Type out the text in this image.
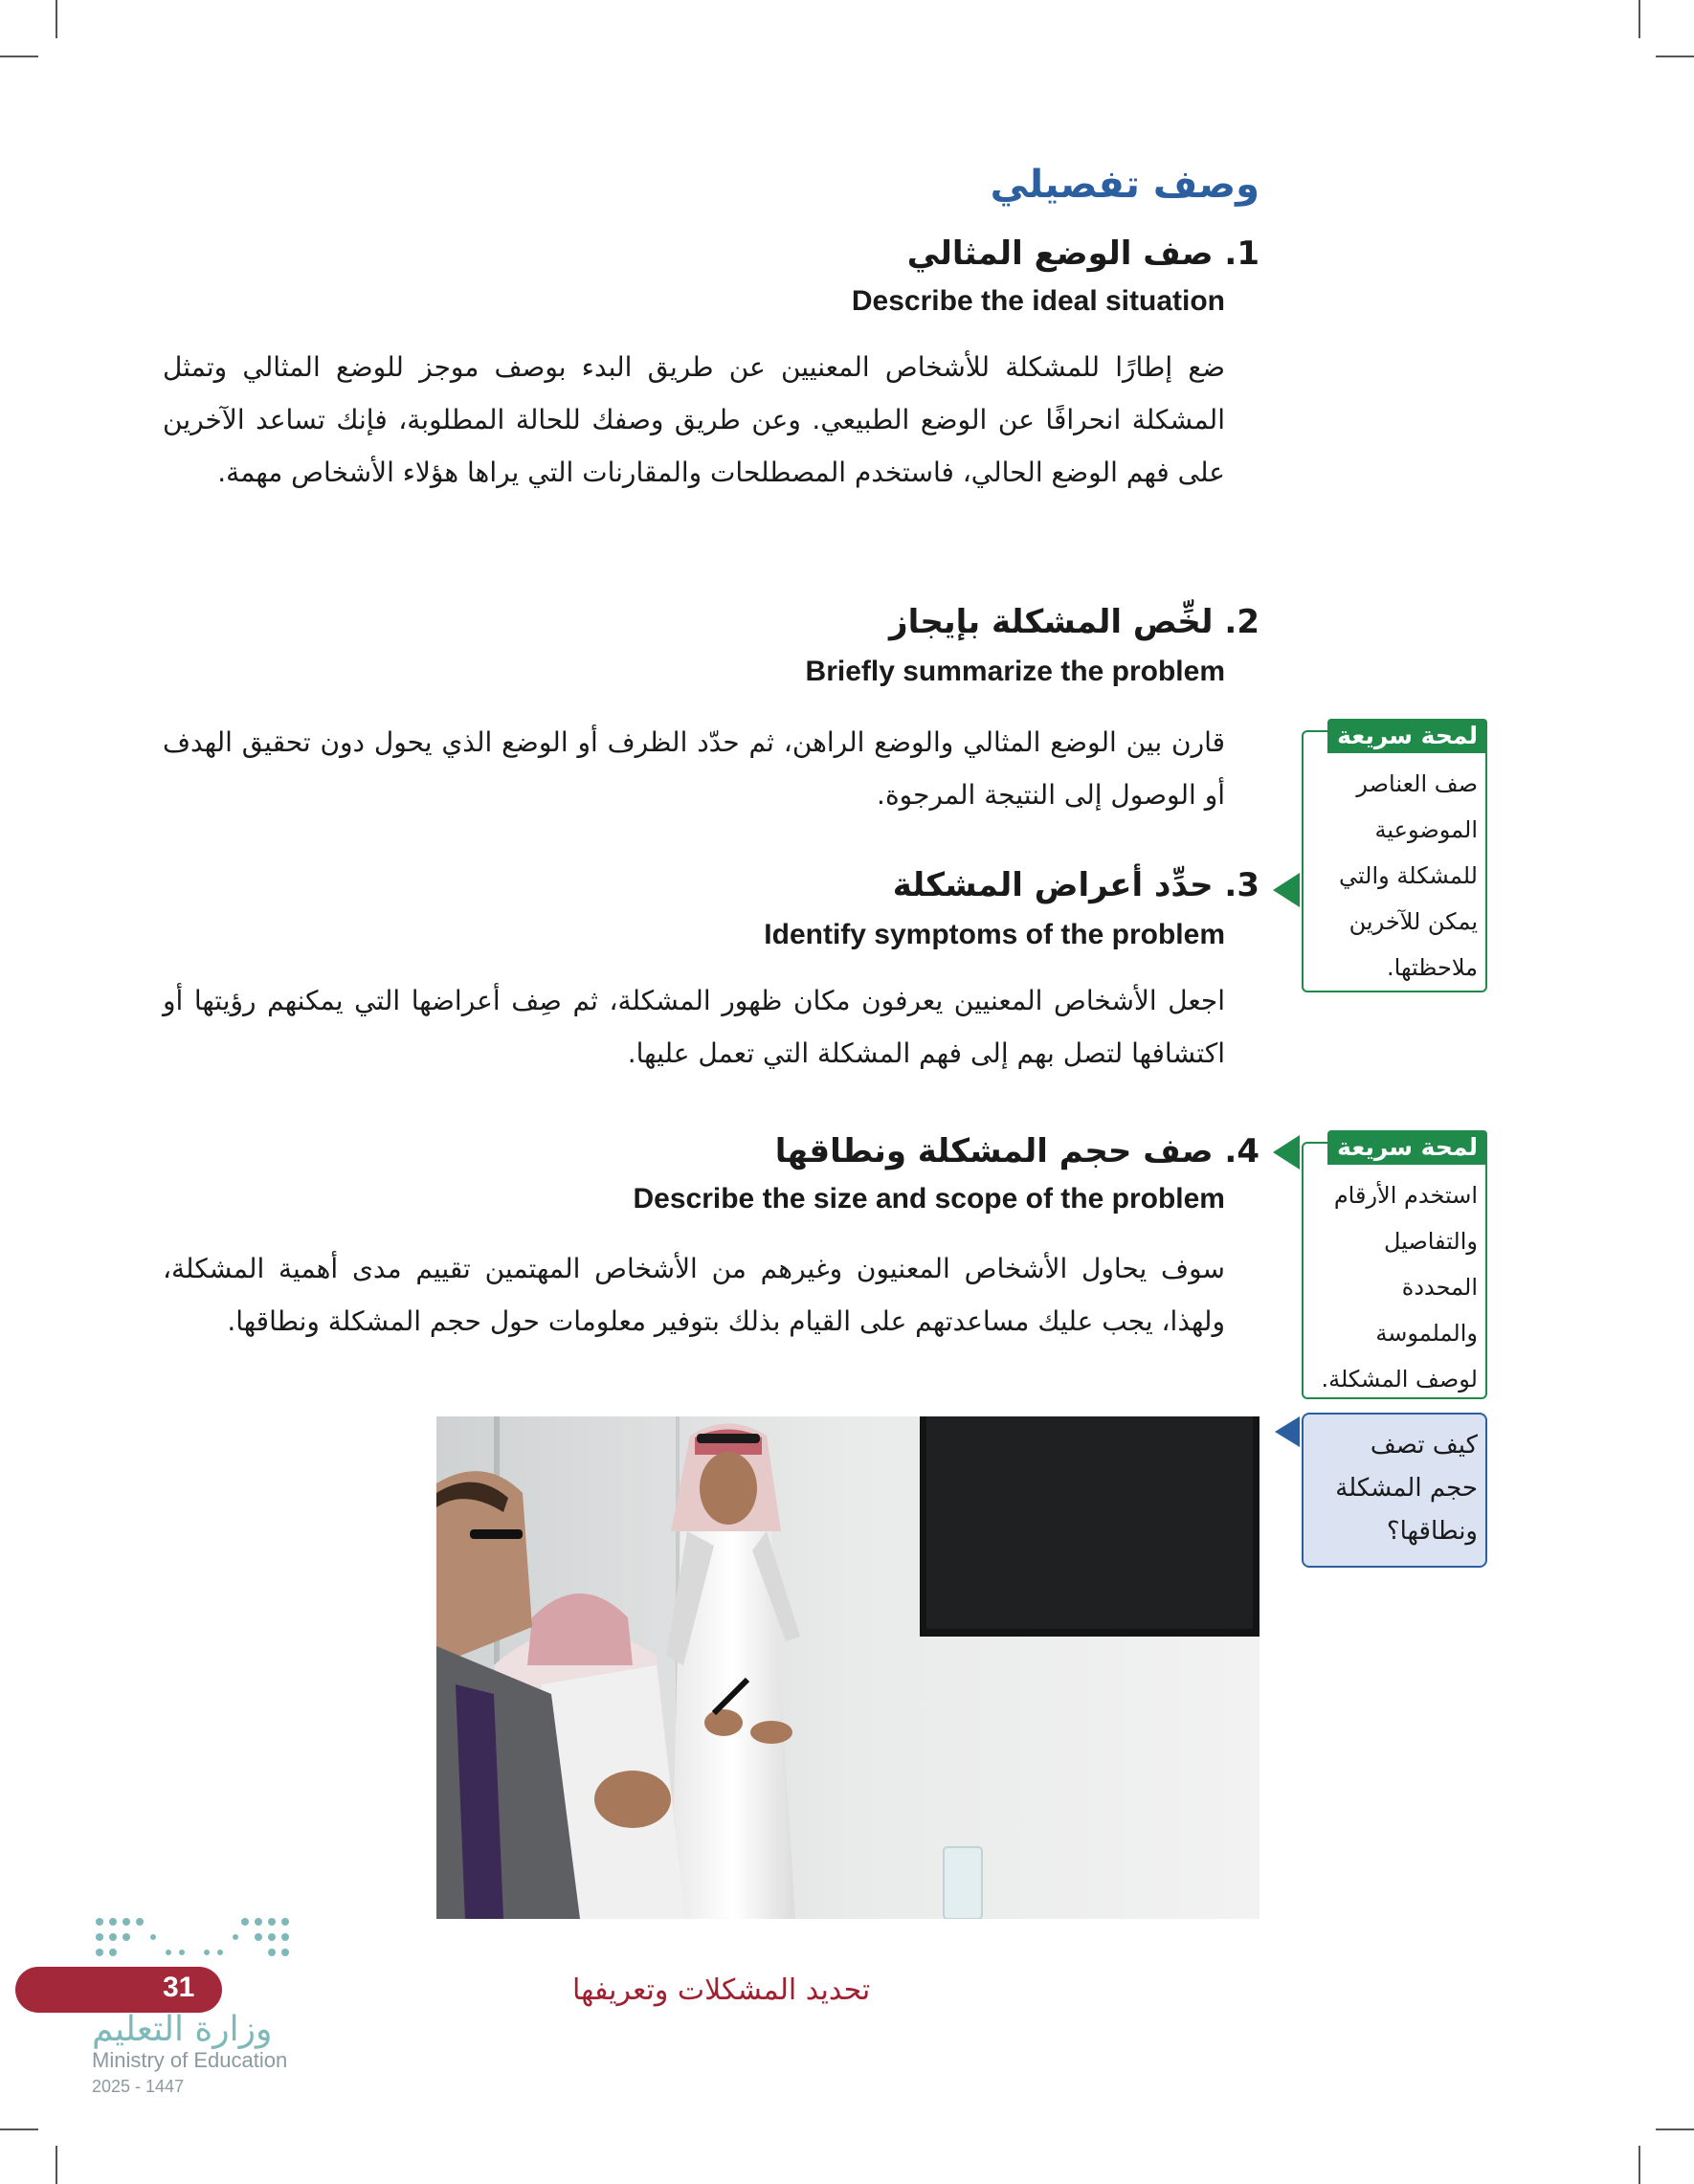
وصف تفصيلي
1. صف الوضع المثالي
Describe the ideal situation

ضع إطارًا للمشكلة للأشخاص المعنيين عن طريق البدء بوصف موجز للوضع المثالي وتمثل المشكلة انحرافًا عن الوضع الطبيعي. وعن طريق وصفك للحالة المطلوبة، فإنك تساعد الآخرين على فهم الوضع الحالي، فاستخدم المصطلحات والمقارنات التي يراها هؤلاء الأشخاص مهمة.

2. لخِّص المشكلة بإيجاز
Briefly summarize the problem

قارن بين الوضع المثالي والوضع الراهن، ثم حدّد الظرف أو الوضع الذي يحول دون تحقيق الهدف أو الوصول إلى النتيجة المرجوة.

3. حدِّد أعراض المشكلة
Identify symptoms of the problem

اجعل الأشخاص المعنيين يعرفون مكان ظهور المشكلة، ثم صِف أعراضها التي يمكنهم رؤيتها أو اكتشافها لتصل بهم إلى فهم المشكلة التي تعمل عليها.

4. صف حجم المشكلة ونطاقها
Describe the size and scope of the problem

سوف يحاول الأشخاص المعنيون وغيرهم من الأشخاص المهتمين تقييم مدى أهمية المشكلة، ولهذا، يجب عليك مساعدتهم على القيام بذلك بتوفير معلومات حول حجم المشكلة ونطاقها.

لمحة سريعة
صف العناصر
الموضوعية
للمشكلة والتي
يمكن للآخرين
ملاحظتها.
لمحة سريعة
استخدم الأرقام
والتفاصيل
المحددة
والملموسة
لوصف المشكلة.
كيف تصف
حجم المشكلة
ونطاقها؟
تحديد المشكلات وتعريفها
31
وزارة التعليم
Ministry of Education
2025 - 1447
